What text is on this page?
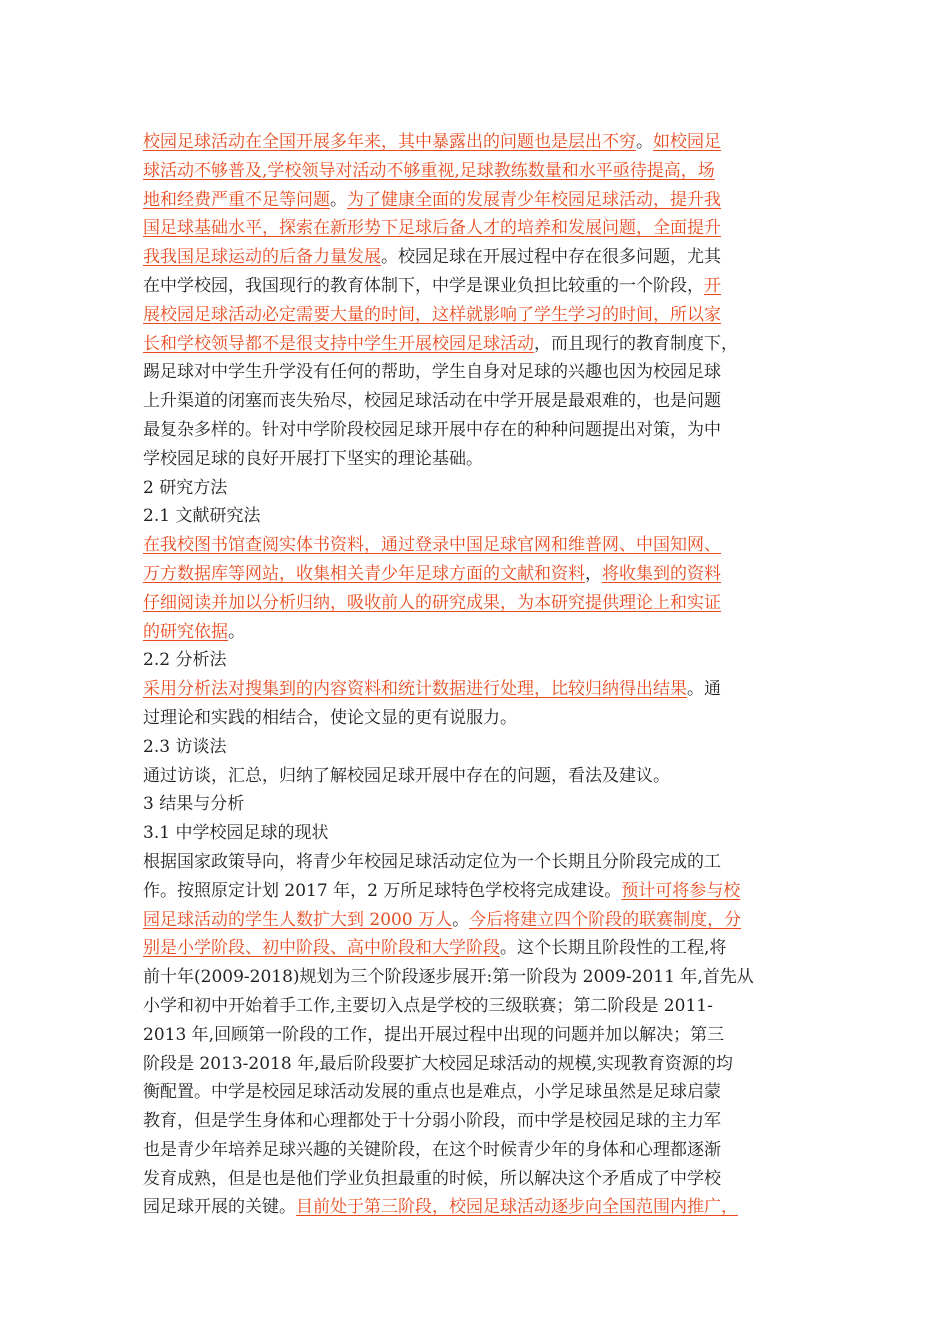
校园足球活动在全国开展多年来，其中暴露出的问题也是层出不穷。如校园足
球活动不够普及,学校领导对活动不够重视,足球教练数量和水平亟待提高，场
地和经费严重不足等问题。为了健康全面的发展青少年校园足球活动，提升我
国足球基础水平，探索在新形势下足球后备人才的培养和发展问题，全面提升
我我国足球运动的后备力量发展。校园足球在开展过程中存在很多问题，尤其
在中学校园，我国现行的教育体制下，中学是课业负担比较重的一个阶段，开
展校园足球活动必定需要大量的时间，这样就影响了学生学习的时间，所以家
长和学校领导都不是很支持中学生开展校园足球活动，而且现行的教育制度下，
踢足球对中学生升学没有任何的帮助，学生自身对足球的兴趣也因为校园足球
上升渠道的闭塞而丧失殆尽，校园足球活动在中学开展是最艰难的，也是问题
最复杂多样的。针对中学阶段校园足球开展中存在的种种问题提出对策，为中
学校园足球的良好开展打下坚实的理论基础。
2 研究方法
2.1 文献研究法
在我校图书馆查阅实体书资料，通过登录中国足球官网和维普网、中国知网、
万方数据库等网站，收集相关青少年足球方面的文献和资料，将收集到的资料
仔细阅读并加以分析归纳，吸收前人的研究成果，为本研究提供理论上和实证
的研究依据。
2.2 分析法
采用分析法对搜集到的内容资料和统计数据进行处理，比较归纳得出结果。通
过理论和实践的相结合，使论文显的更有说服力。
2.3 访谈法
通过访谈，汇总，归纳了解校园足球开展中存在的问题，看法及建议。
3 结果与分析
3.1 中学校园足球的现状
根据国家政策导向，将青少年校园足球活动定位为一个长期且分阶段完成的工
作。按照原定计划 2017 年，2 万所足球特色学校将完成建设。预计可将参与校
园足球活动的学生人数扩大到 2000 万人。今后将建立四个阶段的联赛制度，分
别是小学阶段、初中阶段、高中阶段和大学阶段。这个长期且阶段性的工程,将
前十年(2009-2018)规划为三个阶段逐步展开:第一阶段为 2009-2011 年,首先从
小学和初中开始着手工作,主要切入点是学校的三级联赛；第二阶段是 2011-
2013 年,回顾第一阶段的工作，提出开展过程中出现的问题并加以解决；第三
阶段是 2013-2018 年,最后阶段要扩大校园足球活动的规模,实现教育资源的均
衡配置。中学是校园足球活动发展的重点也是难点，小学足球虽然是足球启蒙
教育，但是学生身体和心理都处于十分弱小阶段，而中学是校园足球的主力军
也是青少年培养足球兴趣的关键阶段，在这个时候青少年的身体和心理都逐渐
发育成熟，但是也是他们学业负担最重的时候，所以解决这个矛盾成了中学校
园足球开展的关键。目前处于第三阶段，校园足球活动逐步向全国范围内推广，
